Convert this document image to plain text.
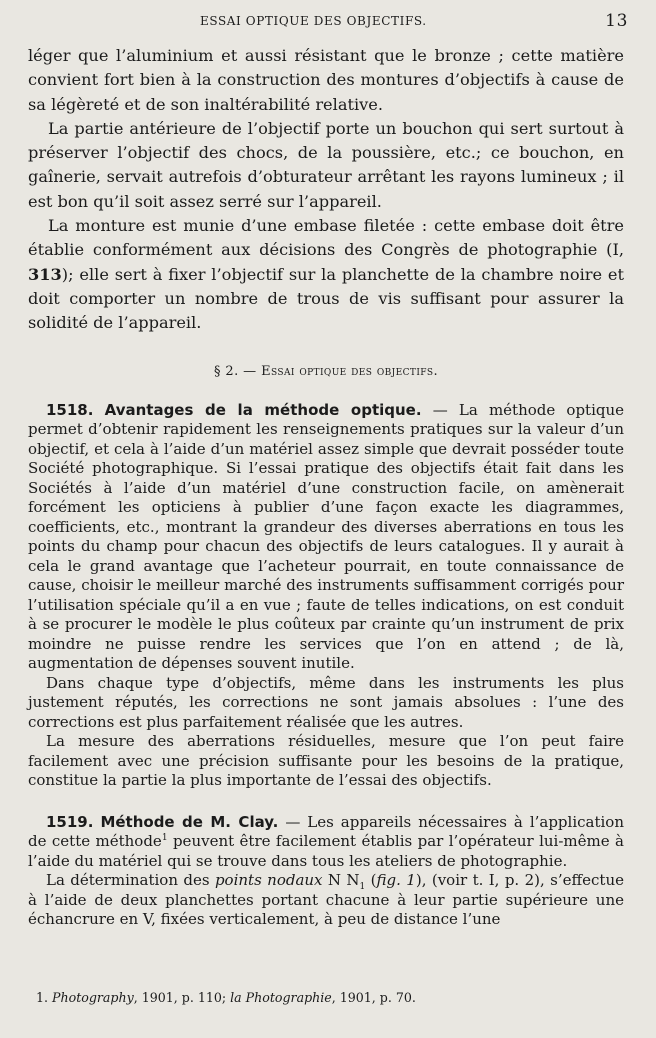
ESSAI OPTIQUE DES OBJECTIFS.	13

léger que l’aluminium et aussi résistant que le bronze ; cette matière convient fort bien à la construction des montures d’objectifs à cause de sa légèreté et de son inaltérabilité relative.

La partie antérieure de l’objectif porte un bouchon qui sert surtout à préserver l’objectif des chocs, de la poussière, etc.; ce bouchon, en gaînerie, servait autrefois d’obturateur arrêtant les rayons lumineux ; il est bon qu’il soit assez serré sur l’appareil.

La monture est munie d’une embase filetée : cette embase doit être établie conformément aux décisions des Congrès de photographie (I, 313); elle sert à fixer l’objectif sur la planchette de la chambre noire et doit comporter un nombre de trous de vis suffisant pour assurer la solidité de l’appareil.

§ 2. — Essai optique des objectifs.

1518. Avantages de la méthode optique. — La méthode optique permet d’obtenir rapidement les renseignements pratiques sur la valeur d’un objectif, et cela à l’aide d’un matériel assez simple que devrait posséder toute Société photographique. Si l’essai pratique des objectifs était fait dans les Sociétés à l’aide d’un matériel d’une construction facile, on amènerait forcément les opticiens à publier d’une façon exacte les diagrammes, coefficients, etc., montrant la grandeur des diverses aberrations en tous les points du champ pour chacun des objectifs de leurs catalogues. Il y aurait à cela le grand avantage que l’acheteur pourrait, en toute connaissance de cause, choisir le meilleur marché des instruments suffisamment corrigés pour l’utilisation spéciale qu’il a en vue ; faute de telles indications, on est conduit à se procurer le modèle le plus coûteux par crainte qu’un instrument de prix moindre ne puisse rendre les services que l’on en attend ; de là, augmentation de dépenses souvent inutile.

Dans chaque type d’objectifs, même dans les instruments les plus justement réputés, les corrections ne sont jamais absolues : l’une des corrections est plus parfaitement réalisée que les autres.

La mesure des aberrations résiduelles, mesure que l’on peut faire facilement avec une précision suffisante pour les besoins de la pratique, constitue la partie la plus importante de l’essai des objectifs.

1519. Méthode de M. Clay. — Les appareils nécessaires à l’application de cette méthode$^1$ peuvent être facilement établis par l’opérateur lui-même à l’aide du matériel qui se trouve dans tous les ateliers de photographie.

La détermination des points nodaux N $N_1$ (fig. 1), (voir t. I, p. 2), s’effectue à l’aide de deux planchettes portant chacune à leur partie supérieure une échancrure en V, fixées verticalement, à peu de distance l’une

1. Photography, 1901, p. 110; la Photographie, 1901, p. 70.
